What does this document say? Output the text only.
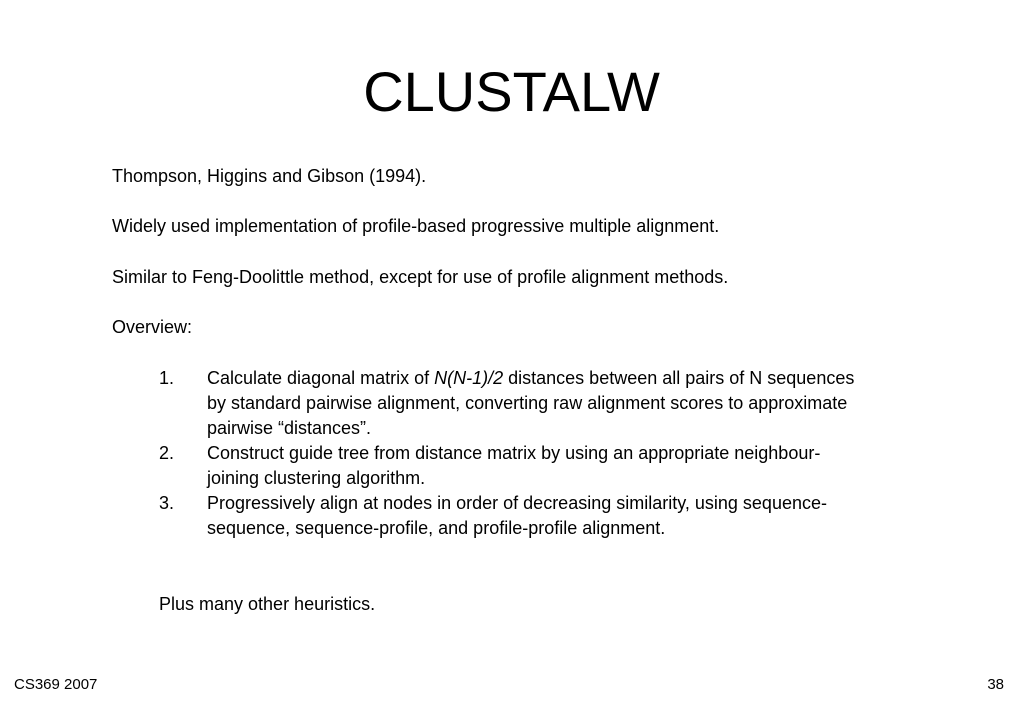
CLUSTALW

Thompson, Higgins and Gibson (1994).

Widely used implementation of profile-based progressive multiple alignment.

Similar to Feng-Doolittle method, except for use of profile alignment methods.

Overview:

1. Calculate diagonal matrix of N(N-1)/2 distances between all pairs of N sequences
by standard pairwise alignment, converting raw alignment scores to approximate
pairwise “distances”.
2. Construct guide tree from distance matrix by using an appropriate neighbour-
joining clustering algorithm.
3. Progressively align at nodes in order of decreasing similarity, using sequence-
sequence, sequence-profile, and profile-profile alignment.

Plus many other heuristics.

CS369 2007	38
